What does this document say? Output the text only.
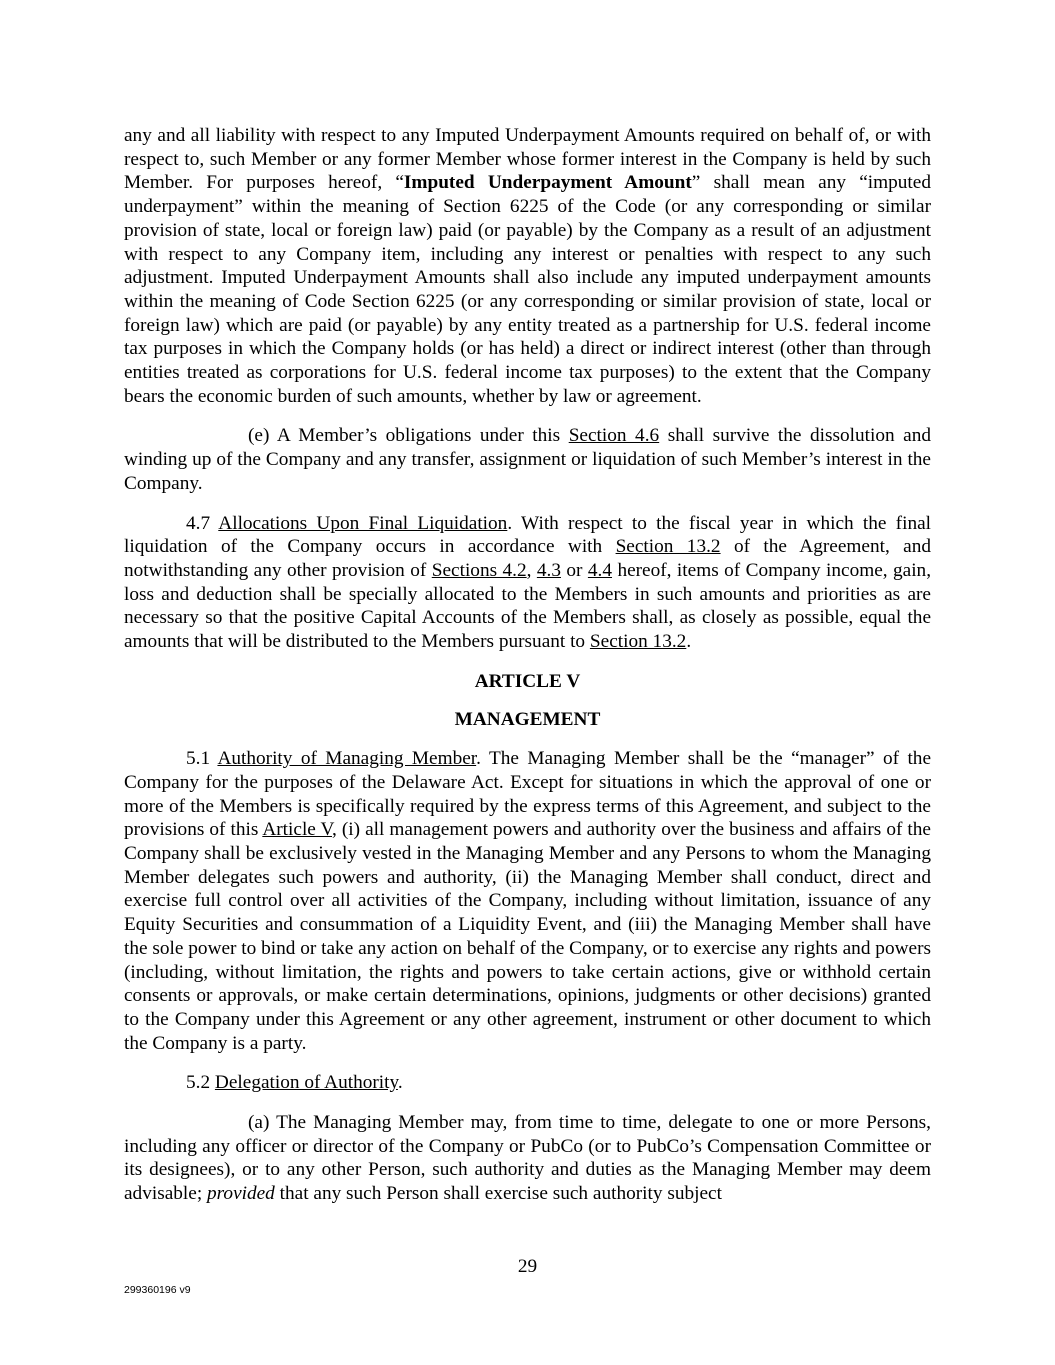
any and all liability with respect to any Imputed Underpayment Amounts required on behalf of, or with respect to, such Member or any former Member whose former interest in the Company is held by such Member. For purposes hereof, “Imputed Underpayment Amount” shall mean any “imputed underpayment” within the meaning of Section 6225 of the Code (or any corresponding or similar provision of state, local or foreign law) paid (or payable) by the Company as a result of an adjustment with respect to any Company item, including any interest or penalties with respect to any such adjustment. Imputed Underpayment Amounts shall also include any imputed underpayment amounts within the meaning of Code Section 6225 (or any corresponding or similar provision of state, local or foreign law) which are paid (or payable) by any entity treated as a partnership for U.S. federal income tax purposes in which the Company holds (or has held) a direct or indirect interest (other than through entities treated as corporations for U.S. federal income tax purposes) to the extent that the Company bears the economic burden of such amounts, whether by law or agreement.

(e) A Member’s obligations under this Section 4.6 shall survive the dissolution and winding up of the Company and any transfer, assignment or liquidation of such Member’s interest in the Company.

4.7 Allocations Upon Final Liquidation. With respect to the fiscal year in which the final liquidation of the Company occurs in accordance with Section 13.2 of the Agreement, and notwithstanding any other provision of Sections 4.2, 4.3 or 4.4 hereof, items of Company income, gain, loss and deduction shall be specially allocated to the Members in such amounts and priorities as are necessary so that the positive Capital Accounts of the Members shall, as closely as possible, equal the amounts that will be distributed to the Members pursuant to Section 13.2.

ARTICLE V

MANAGEMENT

5.1 Authority of Managing Member. The Managing Member shall be the “manager” of the Company for the purposes of the Delaware Act. Except for situations in which the approval of one or more of the Members is specifically required by the express terms of this Agreement, and subject to the provisions of this Article V, (i) all management powers and authority over the business and affairs of the Company shall be exclusively vested in the Managing Member and any Persons to whom the Managing Member delegates such powers and authority, (ii) the Managing Member shall conduct, direct and exercise full control over all activities of the Company, including without limitation, issuance of any Equity Securities and consummation of a Liquidity Event, and (iii) the Managing Member shall have the sole power to bind or take any action on behalf of the Company, or to exercise any rights and powers (including, without limitation, the rights and powers to take certain actions, give or withhold certain consents or approvals, or make certain determinations, opinions, judgments or other decisions) granted to the Company under this Agreement or any other agreement, instrument or other document to which the Company is a party.

5.2 Delegation of Authority.

(a) The Managing Member may, from time to time, delegate to one or more Persons, including any officer or director of the Company or PubCo (or to PubCo’s Compensation Committee or its designees), or to any other Person, such authority and duties as the Managing Member may deem advisable; provided that any such Person shall exercise such authority subject

29
299360196 v9
